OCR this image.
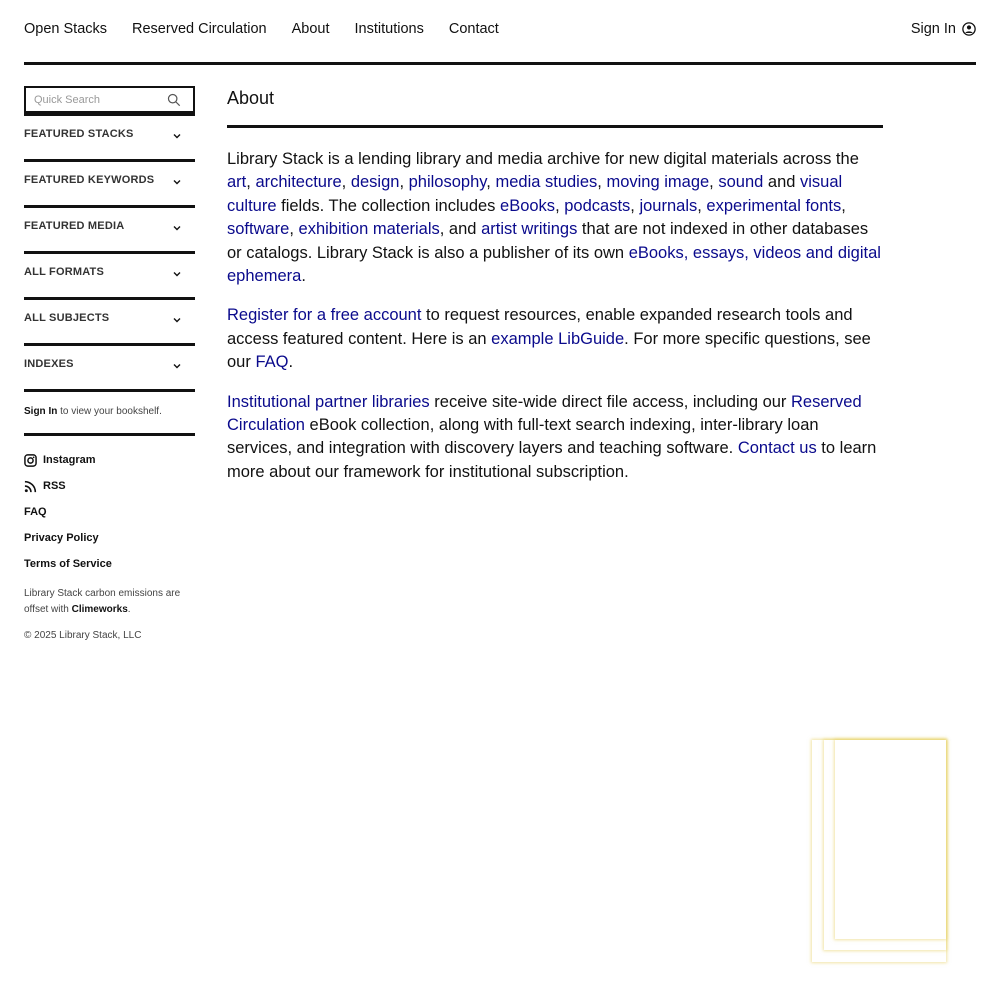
Open Stacks Reserved Circulation About Institutions Contact	Sign In
Quick Search
FEATURED STACKS
FEATURED KEYWORDS
FEATURED MEDIA
ALL FORMATS
ALL SUBJECTS
INDEXES
Sign In to view your bookshelf.
Instagram
RSS
FAQ
Privacy Policy
Terms of Service
Library Stack carbon emissions are offset with Climeworks.
© 2025 Library Stack, LLC
About

Library Stack is a lending library and media archive for new digital materials across the art, architecture, design, philosophy, media studies, moving image, sound and visual culture fields. The collection includes eBooks, podcasts, journals, experimental fonts, software, exhibition materials, and artist writings that are not indexed in other databases or catalogs. Library Stack is also a publisher of its own eBooks, essays, videos and digital ephemera.

Register for a free account to request resources, enable expanded research tools and access featured content. Here is an example LibGuide. For more specific questions, see our FAQ.

Institutional partner libraries receive site-wide direct file access, including our Reserved Circulation eBook collection, along with full-text search indexing, inter-library loan services, and integration with discovery layers and teaching software. Contact us to learn more about our framework for institutional subscription.
